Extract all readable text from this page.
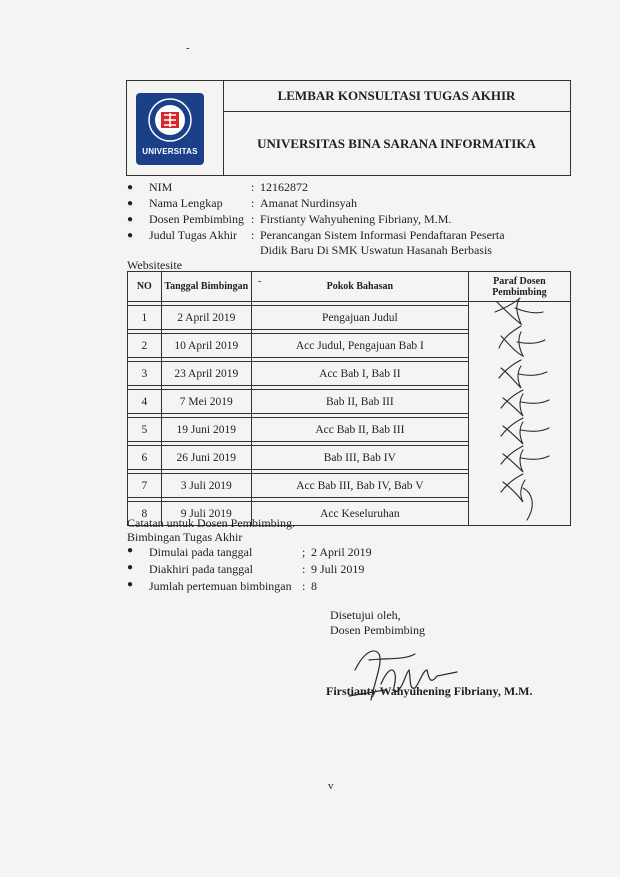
-
UNIVERSITAS
LEMBAR KONSULTASI TUGAS AKHIR
UNIVERSITAS BINA SARANA INFORMATIKA
● NIM	: 12162872
● Nama Lengkap : Amanat Nurdinsyah
● Dosen Pembimbing : Firstianty Wahyuhening Fibriany, M.M.
● Judul Tugas Akhir : Perancangan Sistem Informasi Pendaftaran Peserta
Didik Baru Di SMK Uswatun Hasanah Berbasis
Websitesite
NO	Tanggal Bimbingan	- Pokok Bahasan	Paraf Dosen Pembimbing

1	2 April 2019	Pengajuan Judul	

2	10 April 2019	Acc Judul, Pengajuan Bab I	

3	23 April 2019	Acc Bab I, Bab II	

4	7 Mei 2019	Bab II, Bab III	

5	19 Juni 2019	Acc Bab II, Bab III	

6	26 Juni 2019	Bab III, Bab IV	

7	3 Juli 2019	Acc Bab III, Bab IV, Bab V	

8	9 Juli 2019	Acc Keseluruhan	
Catatan untuk Dosen Pembimbing.
Bimbingan Tugas Akhir
● Dimulai pada tanggal	; 2 April 2019
● Diakhiri pada tanggal	: 9 Juli 2019
● Jumlah pertemuan bimbingan : 8
Disetujui oleh,
Dosen Pembimbing
Firstianty Wahyuhening Fibriany, M.M.
v
